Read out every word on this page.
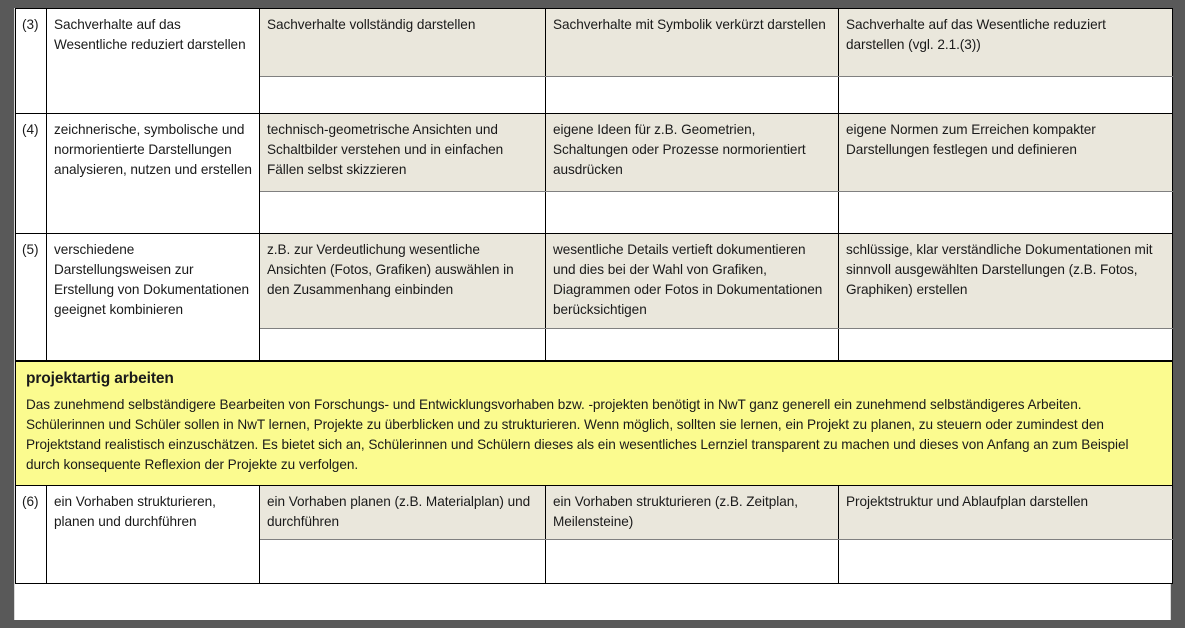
(3)	Sachverhalte auf das Wesentliche reduziert darstellen	Sachverhalte vollständig darstellen	Sachverhalte mit Symbolik verkürzt darstellen	Sachverhalte auf das Wesentliche reduziert darstellen (vgl. 2.1.(3))

(4)	zeichnerische, symbolische und normorientierte Darstellungen analysieren, nutzen und erstellen	technisch-geometrische Ansichten und Schaltbilder verstehen und in einfachen Fällen selbst skizzieren	eigene Ideen für z.B. Geometrien, Schaltungen oder Prozesse normorientiert ausdrücken	eigene Normen zum Erreichen kompakter Darstellungen festlegen und definieren

(5)	verschiedene Darstellungsweisen zur Erstellung von Dokumentationen geeignet kombinieren	z.B. zur Verdeutlichung wesentliche Ansichten (Fotos, Grafiken) auswählen in den Zusammenhang einbinden	wesentliche Details vertieft dokumentieren und dies bei der Wahl von Grafiken, Diagrammen oder Fotos in Dokumentationen berücksichtigen	schlüssige, klar verständliche Dokumentationen mit sinnvoll ausgewählten Darstellungen (z.B. Fotos, Graphiken) erstellen

projektartig arbeiten
Das zunehmend selbständigere Bearbeiten von Forschungs- und Entwicklungsvorhaben bzw. -projekten benötigt in NwT ganz generell ein zunehmend selbständigeres Arbeiten. Schülerinnen und Schüler sollen in NwT lernen, Projekte zu überblicken und zu strukturieren. Wenn möglich, sollten sie lernen, ein Projekt zu planen, zu steuern oder zumindest den Projektstand realistisch einzuschätzen. Es bietet sich an, Schülerinnen und Schülern dieses als ein wesentliches Lernziel transparent zu machen und dieses von Anfang an zum Beispiel durch konsequente Reflexion der Projekte zu verfolgen.				

(6)	ein Vorhaben strukturieren, planen und durchführen	ein Vorhaben planen (z.B. Materialplan) und durchführen	ein Vorhaben strukturieren (z.B. Zeitplan, Meilensteine)	Projektstruktur und Ablaufplan darstellen
